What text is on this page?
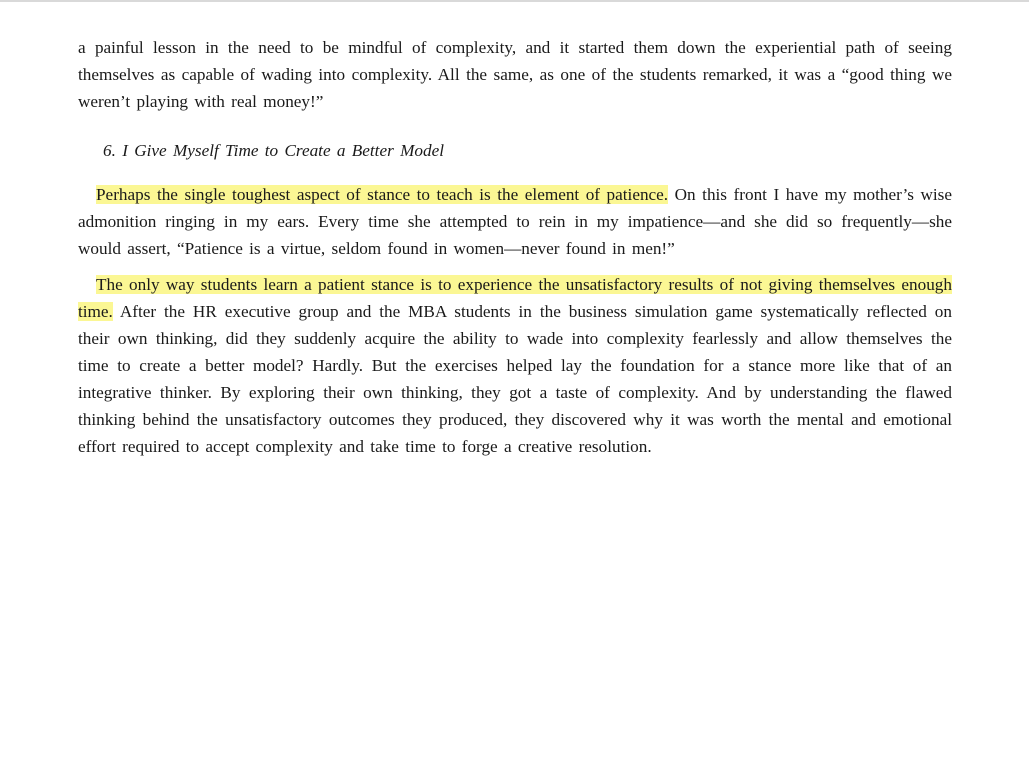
a painful lesson in the need to be mindful of complexity, and it started them down the experiential path of seeing themselves as capable of wading into complexity. All the same, as one of the students remarked, it was a “good thing we weren’t playing with real money!”

6. I Give Myself Time to Create a Better Model

Perhaps the single toughest aspect of stance to teach is the element of patience. On this front I have my mother’s wise admonition ringing in my ears. Every time she attempted to rein in my impatience—and she did so frequently—she would assert, “Patience is a virtue, seldom found in women—never found in men!”

The only way students learn a patient stance is to experience the unsatisfactory results of not giving themselves enough time. After the HR executive group and the MBA students in the business simulation game systematically reflected on their own thinking, did they suddenly acquire the ability to wade into complexity fearlessly and allow themselves the time to create a better model? Hardly. But the exercises helped lay the foundation for a stance more like that of an integrative thinker. By exploring their own thinking, they got a taste of complexity. And by understanding the flawed thinking behind the unsatisfactory outcomes they produced, they discovered why it was worth the mental and emotional effort required to accept complexity and take time to forge a creative resolution.
